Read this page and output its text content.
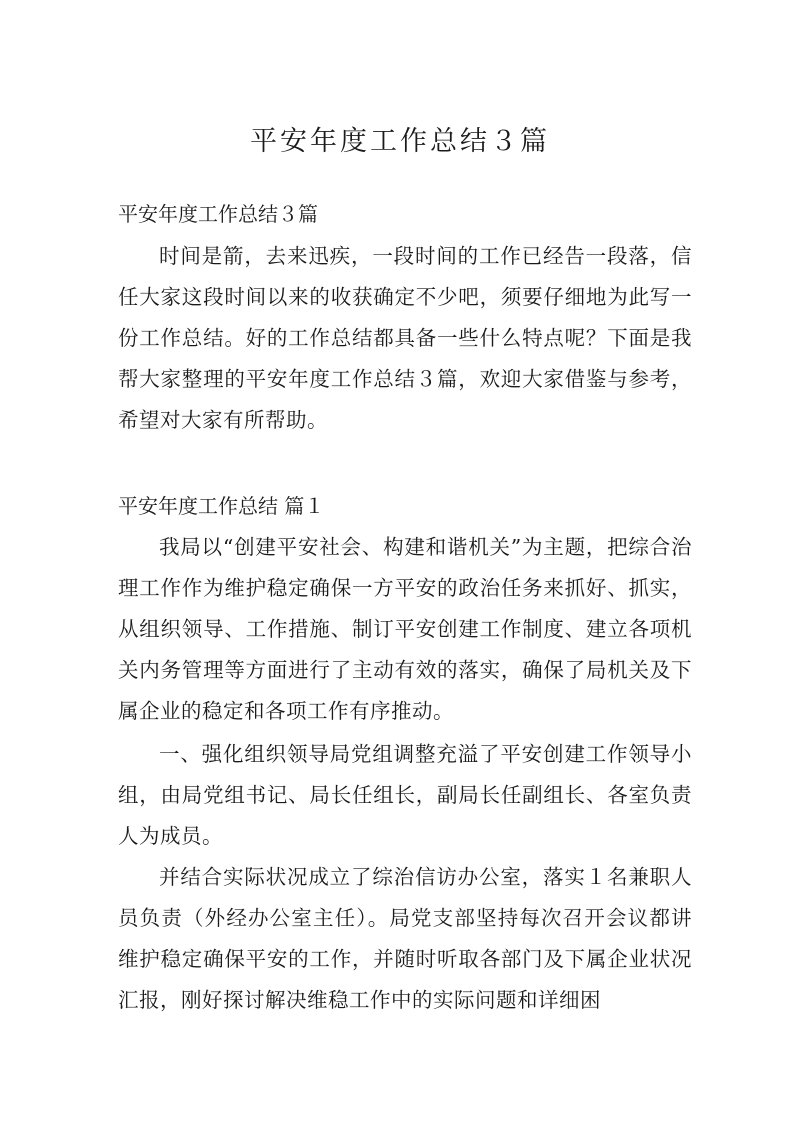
平安年度工作总结３篇

平安年度工作总结３篇

时间是箭，去来迅疾，一段时间的工作已经告一段落，信任大家这段时间以来的收获确定不少吧，须要仔细地为此写一份工作总结。好的工作总结都具备一些什么特点呢？下面是我帮大家整理的平安年度工作总结３篇，欢迎大家借鉴与参考，希望对大家有所帮助。

平安年度工作总结 篇１

我局以“创建平安社会、构建和谐机关”为主题，把综合治理工作作为维护稳定确保一方平安的政治任务来抓好、抓实，从组织领导、工作措施、制订平安创建工作制度、建立各项机关内务管理等方面进行了主动有效的落实，确保了局机关及下属企业的稳定和各项工作有序推动。

一、强化组织领导局党组调整充溢了平安创建工作领导小组，由局党组书记、局长任组长，副局长任副组长、各室负责人为成员。

并结合实际状况成立了综治信访办公室，落实１名兼职人员负责（外经办公室主任）。局党支部坚持每次召开会议都讲维护稳定确保平安的工作，并随时听取各部门及下属企业状况汇报，刚好探讨解决维稳工作中的实际问题和详细困
